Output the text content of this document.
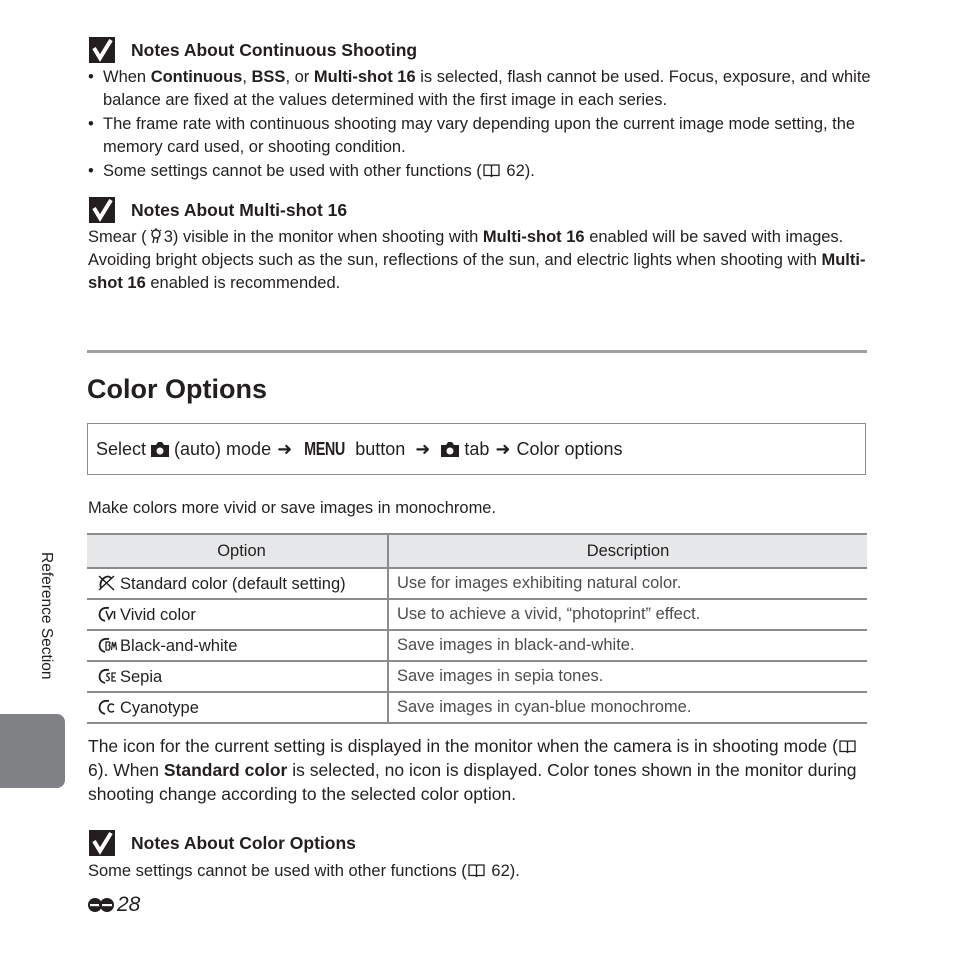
Notes About Continuous Shooting
• When Continuous, BSS, or Multi-shot 16 is selected, flash cannot be used. Focus, exposure, and white balance are fixed at the values determined with the first image in each series.
• The frame rate with continuous shooting may vary depending upon the current image mode setting, the memory card used, or shooting condition.
• Some settings cannot be used with other functions ( 62).
Notes About Multi-shot 16
Smear ( 3) visible in the monitor when shooting with Multi-shot 16 enabled will be saved with images. Avoiding bright objects such as the sun, reflections of the sun, and electric lights when shooting with Multi-shot 16 enabled is recommended.
Color Options
Select (auto) mode ➜ MENU button ➜ tab ➜ Color options
Make colors more vivid or save images in monochrome.
Option	Description
Standard color (default setting)	Use for images exhibiting natural color.
Vivid color	Use to achieve a vivid, “photoprint” effect.
Black-and-white	Save images in black-and-white.
Sepia	Save images in sepia tones.
Cyanotype	Save images in cyan-blue monochrome.
The icon for the current setting is displayed in the monitor when the camera is in shooting mode ( 6). When Standard color is selected, no icon is displayed. Color tones shown in the monitor during shooting change according to the selected color option.
Notes About Color Options
Some settings cannot be used with other functions ( 62).
Reference Section
28
